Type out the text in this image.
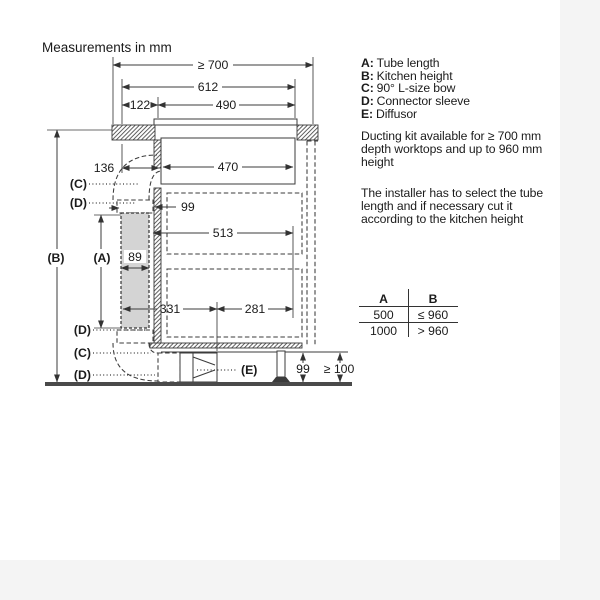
Measurements in mm
≥ 700
612
122	490
136	470
99
513
89
331	281
99 ≥ 100
(A)
(B)
(C)
(D)
(D)
(C)
(D)	(E)
A: Tube length
B: Kitchen height
C: 90° L-size bow
D: Connector sleeve
E: Diffusor
Ducting kit available for ≥ 700 mm
depth worktops and up to 960 mm
height
The installer has to select the tube
length and if necessary cut it
according to the kitchen height
A	B
500	≤ 960
1000	> 960
